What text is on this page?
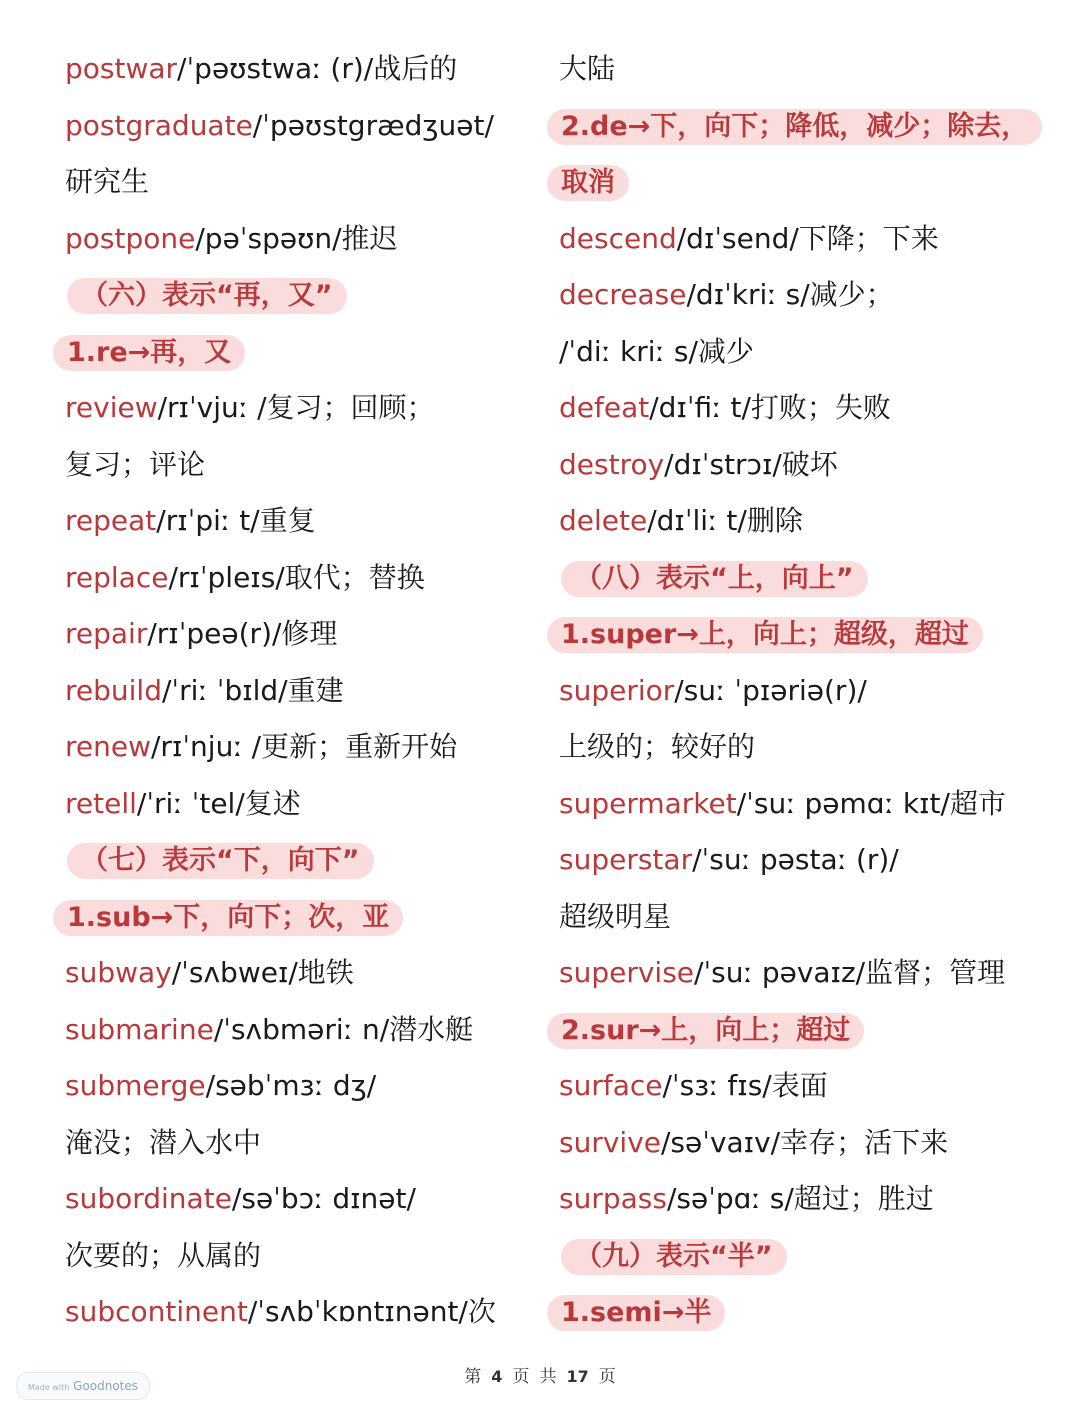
postwar/ˈpəʊstwaː (r)/战后的
postgraduate/ˈpəʊstgrædʒuət/
研究生
postpone/pəˈspəʊn/推迟
（六）表示“再，又”
1.re→再，又
review/rɪˈvjuː /复习；回顾；
复习；评论
repeat/rɪˈpiː t/重复
replace/rɪˈpleɪs/取代；替换
repair/rɪˈpeə(r)/修理
rebuild/ˈriː ˈbɪld/重建
renew/rɪˈnjuː /更新；重新开始
retell/ˈriː ˈtel/复述
（七）表示“下，向下”
1.sub→下，向下；次，亚
subway/ˈsʌbweɪ/地铁
submarine/ˈsʌbməriː n/潜水艇
submerge/səbˈmɜː dʒ/
淹没；潜入水中
subordinate/səˈbɔː dɪnət/
次要的；从属的
subcontinent/ˈsʌbˈkɒntɪnənt/次
大陆
2.de→下，向下；降低，减少；除去，
取消
descend/dɪˈsend/下降；下来
decrease/dɪˈkriː s/减少；
/ˈdiː kriː s/减少
defeat/dɪˈfiː t/打败；失败
destroy/dɪˈstrɔɪ/破坏
delete/dɪˈliː t/删除
（八）表示“上，向上”
1.super→上，向上；超级，超过
superior/suː ˈpɪəriə(r)/
上级的；较好的
supermarket/ˈsuː pəmɑː kɪt/超市
superstar/ˈsuː pəstaː (r)/
超级明星
supervise/ˈsuː pəvaɪz/监督；管理
2.sur→上，向上；超过
surface/ˈsɜː fɪs/表面
survive/səˈvaɪv/幸存；活下来
surpass/səˈpɑː s/超过；胜过
（九）表示“半”
1.semi→半
第 4 页 共 17 页
Made with Goodnotes
